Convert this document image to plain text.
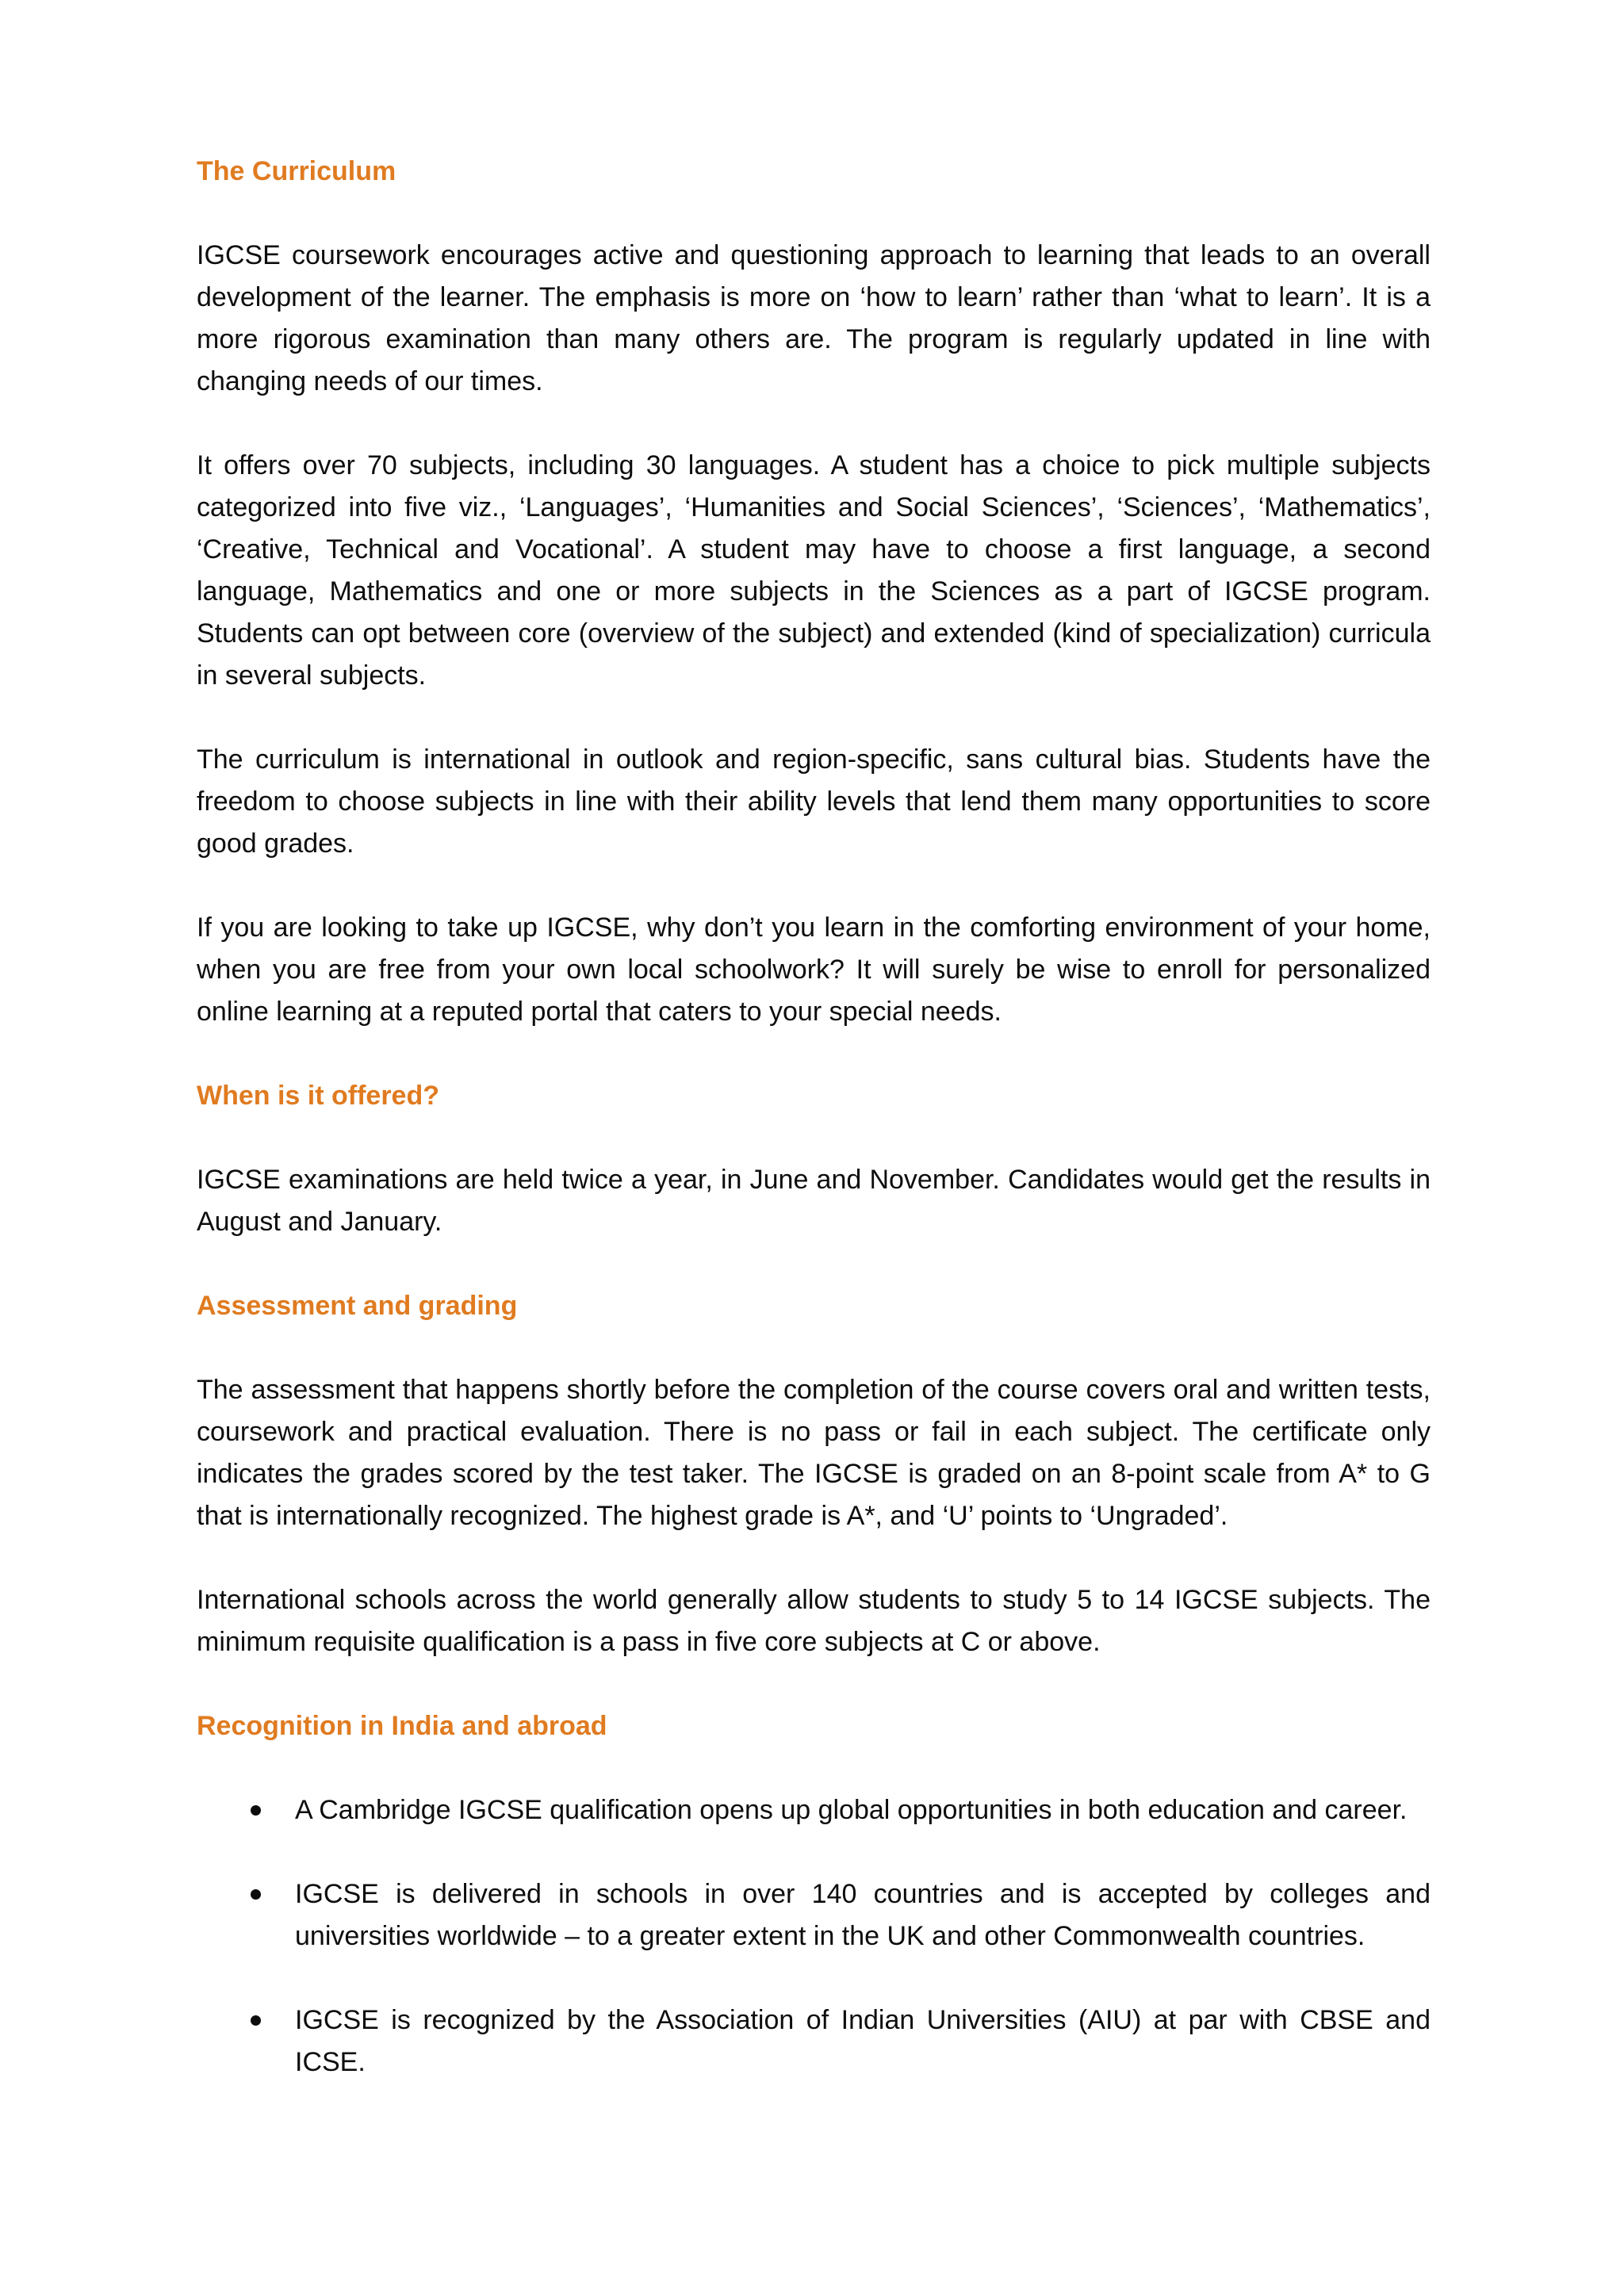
The Curriculum

IGCSE coursework encourages active and questioning approach to learning that leads to an overall development of the learner. The emphasis is more on ‘how to learn’ rather than ‘what to learn’. It is a more rigorous examination than many others are. The program is regularly updated in line with changing needs of our times.

It offers over 70 subjects, including 30 languages. A student has a choice to pick multiple subjects categorized into five viz., ‘Languages’, ‘Humanities and Social Sciences’, ‘Sciences’, ‘Mathematics’, ‘Creative, Technical and Vocational’. A student may have to choose a first language, a second language, Mathematics and one or more subjects in the Sciences as a part of IGCSE program. Students can opt between core (overview of the subject) and extended (kind of specialization) curricula in several subjects.

The curriculum is international in outlook and region-specific, sans cultural bias. Students have the freedom to choose subjects in line with their ability levels that lend them many opportunities to score good grades.

If you are looking to take up IGCSE, why don’t you learn in the comforting environment of your home, when you are free from your own local schoolwork? It will surely be wise to enroll for personalized online learning at a reputed portal that caters to your special needs.

When is it offered?

IGCSE examinations are held twice a year, in June and November. Candidates would get the results in August and January.

Assessment and grading

The assessment that happens shortly before the completion of the course covers oral and written tests, coursework and practical evaluation. There is no pass or fail in each subject. The certificate only indicates the grades scored by the test taker. The IGCSE is graded on an 8-point scale from A* to G that is internationally recognized. The highest grade is A*, and ‘U’ points to ‘Ungraded’.

International schools across the world generally allow students to study 5 to 14 IGCSE subjects. The minimum requisite qualification is a pass in five core subjects at C or above.

Recognition in India and abroad
A Cambridge IGCSE qualification opens up global opportunities in both education and career.
IGCSE is delivered in schools in over 140 countries and is accepted by colleges and universities worldwide – to a greater extent in the UK and other Commonwealth countries.
IGCSE is recognized by the Association of Indian Universities (AIU) at par with CBSE and ICSE.
